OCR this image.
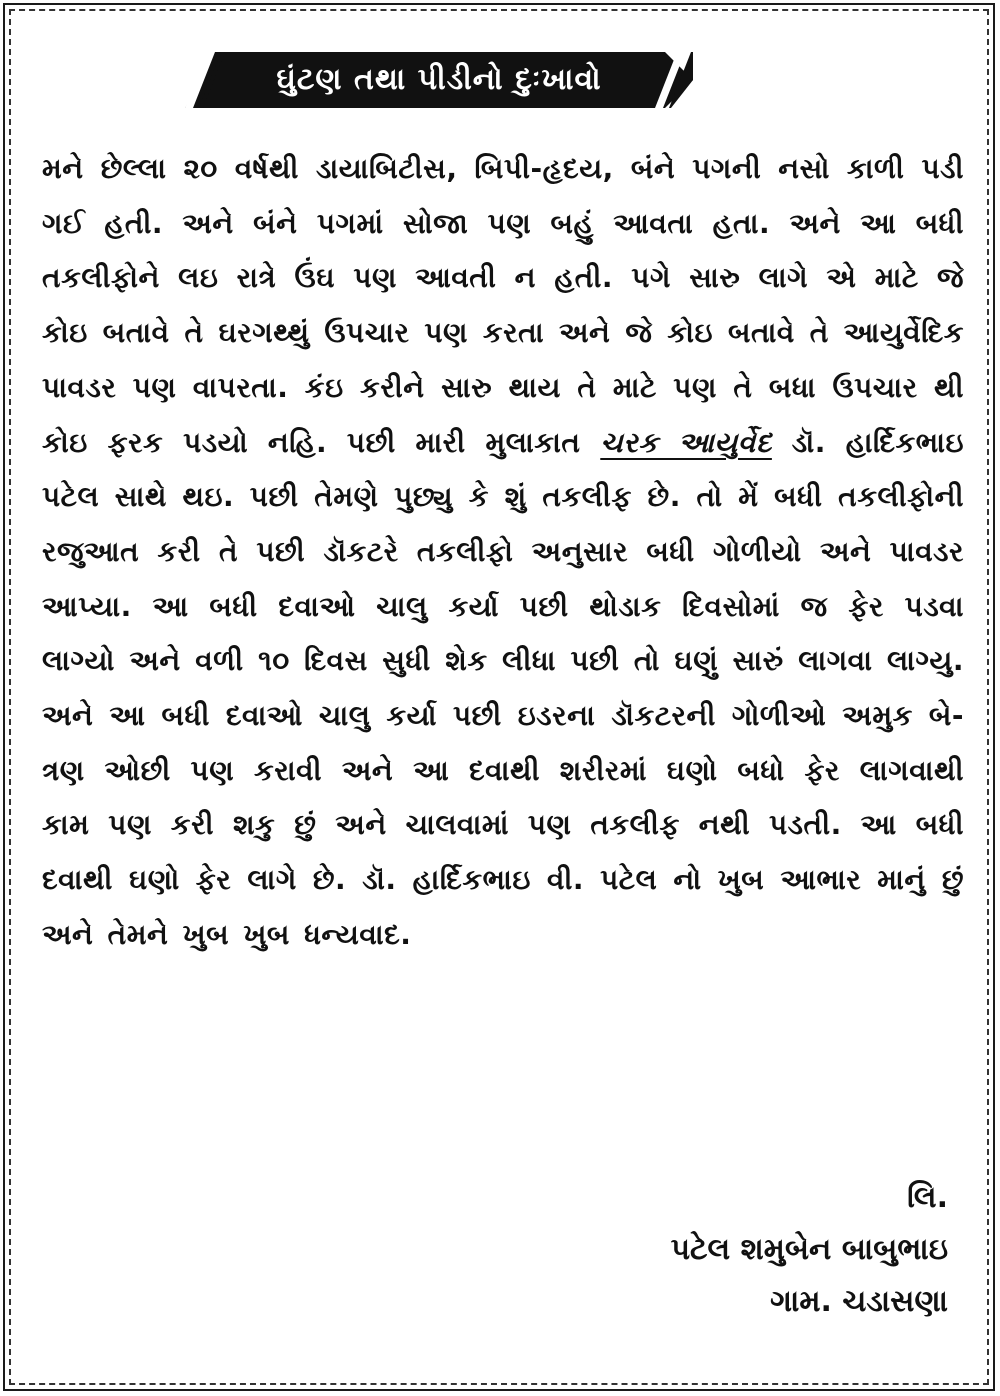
ઘુંટણ તથા પીડીનો દુઃખાવો

મને છેલ્લા ૨૦ વર્ષથી ડાયાબિટીસ, બિપી-હૃદય, બંને પગની નસો કાળી પડી ગઈ હતી. અને બંને પગમાં સોજા પણ બહું આવતા હતા. અને આ બધી તકલીફોને લઇ રાત્રે ઉંઘ પણ આવતી ન હતી. પગે સારુ લાગે એ માટે જે કોઇ બતાવે તે ઘરગથ્થું ઉપચાર પણ કરતા અને જે કોઇ બતાવે તે આયુર્વેદિક પાવડર પણ વાપરતા. કંઇ કરીને સારુ થાય તે માટે પણ તે બધા ઉપચાર થી કોઇ ફરક પડયો નહિ. પછી મારી મુલાકાત ચરક આયુર્વેદ ડૉ. હાર્દિકભાઇ પટેલ સાથે થઇ. પછી તેમણે પુછ્યુ કે શું તકલીફ છે. તો મેં બધી તકલીફોની રજુઆત કરી તે પછી ડૉકટરે તકલીફો અનુસાર બધી ગોળીયો અને પાવડર આપ્યા. આ બધી દવાઓ ચાલુ કર્યા પછી થોડાક દિવસોમાં જ ફેર પડવા લાગ્યો અને વળી ૧૦ દિવસ સુધી શેક લીધા પછી તો ઘણું સારું લાગવા લાગ્યુ. અને આ બધી દવાઓ ચાલુ કર્યા પછી ઇડરના ડૉકટરની ગોળીઓ અમુક બે-ત્રણ ઓછી પણ કરાવી અને આ દવાથી શરીરમાં ઘણો બધો ફેર લાગવાથી કામ પણ કરી શકુ છું અને ચાલવામાં પણ તકલીફ નથી પડતી. આ બધી દવાથી ઘણો ફેર લાગે છે. ડૉ. હાર્દિકભાઇ વી. પટેલ નો ખુબ આભાર માનું છું અને તેમને ખુબ ખુબ ધન્યવાદ.

લિ.
પટેલ શમુબેન બાબુભાઇ
ગામ. ચડાસણા
